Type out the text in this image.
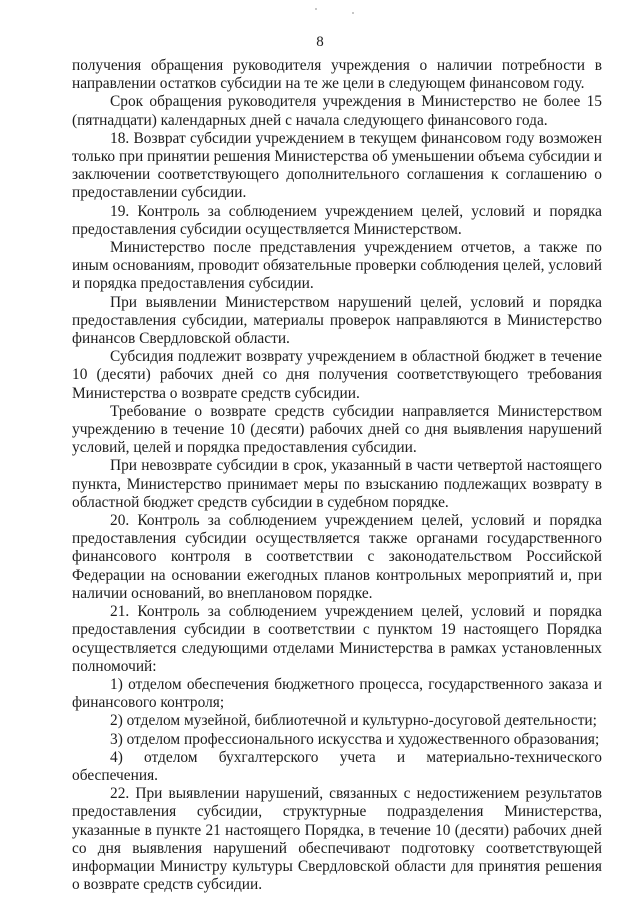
8

получения обращения руководителя учреждения о наличии потребности в направлении остатков субсидии на те же цели в следующем финансовом году.

Срок обращения руководителя учреждения в Министерство не более 15 (пятнадцати) календарных дней с начала следующего финансового года.

18. Возврат субсидии учреждением в текущем финансовом году возможен только при принятии решения Министерства об уменьшении объема субсидии и заключении соответствующего дополнительного соглашения к соглашению о предоставлении субсидии.

19. Контроль за соблюдением учреждением целей, условий и порядка предоставления субсидии осуществляется Министерством.

Министерство после представления учреждением отчетов, а также по иным основаниям, проводит обязательные проверки соблюдения целей, условий и порядка предоставления субсидии.

При выявлении Министерством нарушений целей, условий и порядка предоставления субсидии, материалы проверок направляются в Министерство финансов Свердловской области.

Субсидия подлежит возврату учреждением в областной бюджет в течение 10 (десяти) рабочих дней со дня получения соответствующего требования Министерства о возврате средств субсидии.

Требование о возврате средств субсидии направляется Министерством учреждению в течение 10 (десяти) рабочих дней со дня выявления нарушений условий, целей и порядка предоставления субсидии.

При невозврате субсидии в срок, указанный в части четвертой настоящего пункта, Министерство принимает меры по взысканию подлежащих возврату в областной бюджет средств субсидии в судебном порядке.

20. Контроль за соблюдением учреждением целей, условий и порядка предоставления субсидии осуществляется также органами государственного финансового контроля в соответствии с законодательством Российской Федерации на основании ежегодных планов контрольных мероприятий и, при наличии оснований, во внеплановом порядке.

21. Контроль за соблюдением учреждением целей, условий и порядка предоставления субсидии в соответствии с пунктом 19 настоящего Порядка осуществляется следующими отделами Министерства в рамках установленных полномочий:

1) отделом обеспечения бюджетного процесса, государственного заказа и финансового контроля;

2) отделом музейной, библиотечной и культурно-досуговой деятельности;

3) отделом профессионального искусства и художественного образования;

4) отделом бухгалтерского учета и материально-технического обеспечения.

22. При выявлении нарушений, связанных с недостижением результатов предоставления субсидии, структурные подразделения Министерства, указанные в пункте 21 настоящего Порядка, в течение 10 (десяти) рабочих дней со дня выявления нарушений обеспечивают подготовку соответствующей информации Министру культуры Свердловской области для принятия решения о возврате средств субсидии.
